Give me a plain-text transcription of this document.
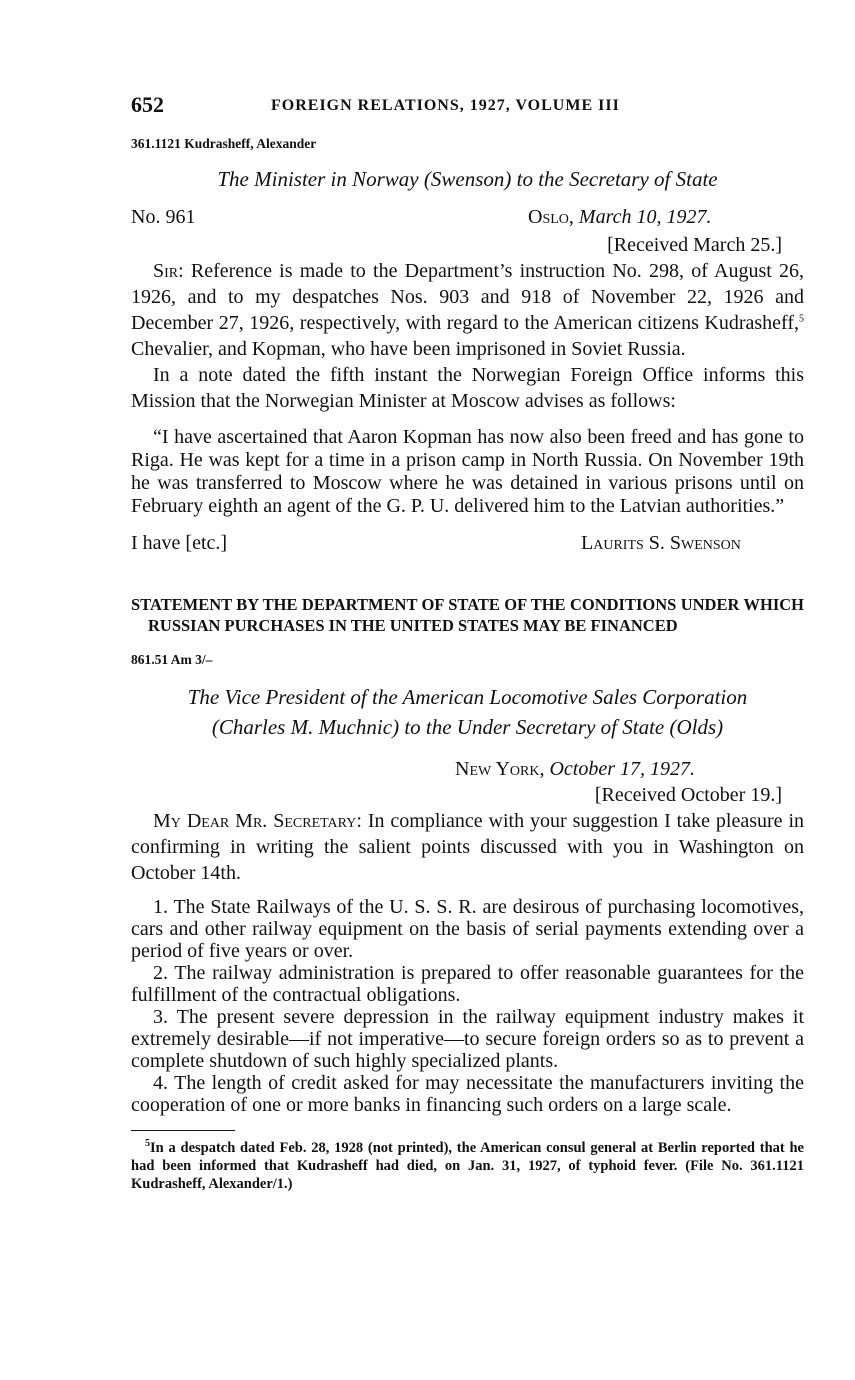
652	FOREIGN RELATIONS, 1927, VOLUME III
361.1121 Kudrasheff, Alexander
The Minister in Norway (Swenson) to the Secretary of State
No. 961	Oslo, March 10, 1927.
[Received March 25.]

Sir: Reference is made to the Department’s instruction No. 298, of August 26, 1926, and to my despatches Nos. 903 and 918 of November 22, 1926 and December 27, 1926, respectively, with regard to the American citizens Kudrasheff,$^5$ Chevalier, and Kopman, who have been imprisoned in Soviet Russia.

In a note dated the fifth instant the Norwegian Foreign Office informs this Mission that the Norwegian Minister at Moscow advises as follows:

“I have ascertained that Aaron Kopman has now also been freed and has gone to Riga. He was kept for a time in a prison camp in North Russia. On November 19th he was transferred to Moscow where he was detained in various prisons until on February eighth an agent of the G. P. U. delivered him to the Latvian authorities.”

I have [etc.]	Laurits S. Swenson
STATEMENT BY THE DEPARTMENT OF STATE OF THE CONDITIONS UNDER WHICH RUSSIAN PURCHASES IN THE UNITED STATES MAY BE FINANCED
861.51 Am 3/–
The Vice President of the American Locomotive Sales Corporation
(Charles M. Muchnic) to the Under Secretary of State (Olds)
New York, October 17, 1927.
[Received October 19.]

My Dear Mr. Secretary: In compliance with your suggestion I take pleasure in confirming in writing the salient points discussed with you in Washington on October 14th.

1. The State Railways of the U. S. S. R. are desirous of purchasing locomotives, cars and other railway equipment on the basis of serial payments extending over a period of five years or over.

2. The railway administration is prepared to offer reasonable guarantees for the fulfillment of the contractual obligations.

3. The present severe depression in the railway equipment industry makes it extremely desirable—if not imperative—to secure foreign orders so as to prevent a complete shutdown of such highly specialized plants.

4. The length of credit asked for may necessitate the manufacturers inviting the cooperation of one or more banks in financing such orders on a large scale.

$^5$In a despatch dated Feb. 28, 1928 (not printed), the American consul general at Berlin reported that he had been informed that Kudrasheff had died, on Jan. 31, 1927, of typhoid fever. (File No. 361.1121 Kudrasheff, Alexander/1.)
